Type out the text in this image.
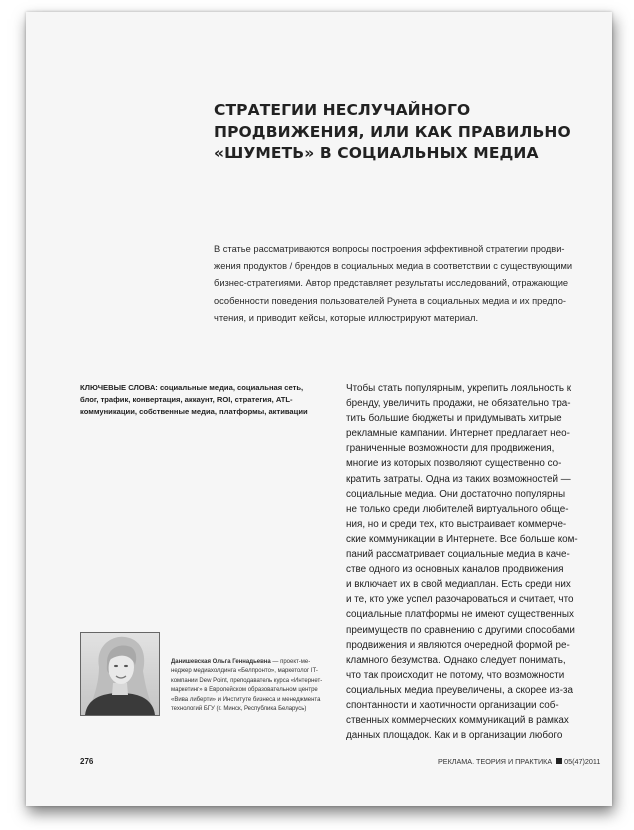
СТРАТЕГИИ НЕСЛУЧАЙНОГО
ПРОДВИЖЕНИЯ, ИЛИ КАК ПРАВИЛЬНО
«ШУМЕТЬ» В СОЦИАЛЬНЫХ МЕДИА

В статье рассматриваются вопросы построения эффективной стратегии продви-
жения продуктов / брендов в социальных медиа в соответствии с существующими
бизнес-стратегиями. Автор представляет результаты исследований, отражающие
особенности поведения пользователей Рунета в социальных медиа и их предпо-
чтения, и приводит кейсы, которые иллюстрируют материал.

КЛЮЧЕВЫЕ СЛОВА: социальные медиа, социальная сеть,
блог, трафик, конвертация, аккаунт, ROI, стратегия, ATL-
коммуникации, собственные медиа, платформы, активации

Чтобы стать популярным, укрепить лояльность к
бренду, увеличить продажи, не обязательно тра-
тить большие бюджеты и придумывать хитрые
рекламные кампании. Интернет предлагает нео-
граниченные возможности для продвижения,
многие из которых позволяют существенно со-
кратить затраты. Одна из таких возможностей —
социальные медиа. Они достаточно популярны
не только среди любителей виртуального обще-
ния, но и среди тех, кто выстраивает коммерче-
ские коммуникации в Интернете. Все больше ком-
паний рассматривает социальные медиа в каче-
стве одного из основных каналов продвижения
и включает их в свой медиаплан. Есть среди них
и те, кто уже успел разочароваться и считает, что
социальные платформы не имеют существенных
преимуществ по сравнению с другими способами
продвижения и являются очередной формой ре-
кламного безумства. Однако следует понимать,
что так происходит не потому, что возможности
социальных медиа преувеличены, а скорее из-за
спонтанности и хаотичности организации соб-
ственных коммерческих коммуникаций в рамках
данных площадок. Как и в организации любого

Данишевская Ольга Геннадьевна — проект-ме-
неджер медиахолдинга «Белпронто», маркетолог IT-
компании Dew Point, преподаватель курса «Интернет-
маркетинг» в Европейском образовательном центре
«Вива либерти» и Институте бизнеса и менеджмента
технологий БГУ (г. Минск, Республика Беларусь)

276	РЕКЛАМА. ТЕОРИЯ И ПРАКТИКА 05(47)2011
